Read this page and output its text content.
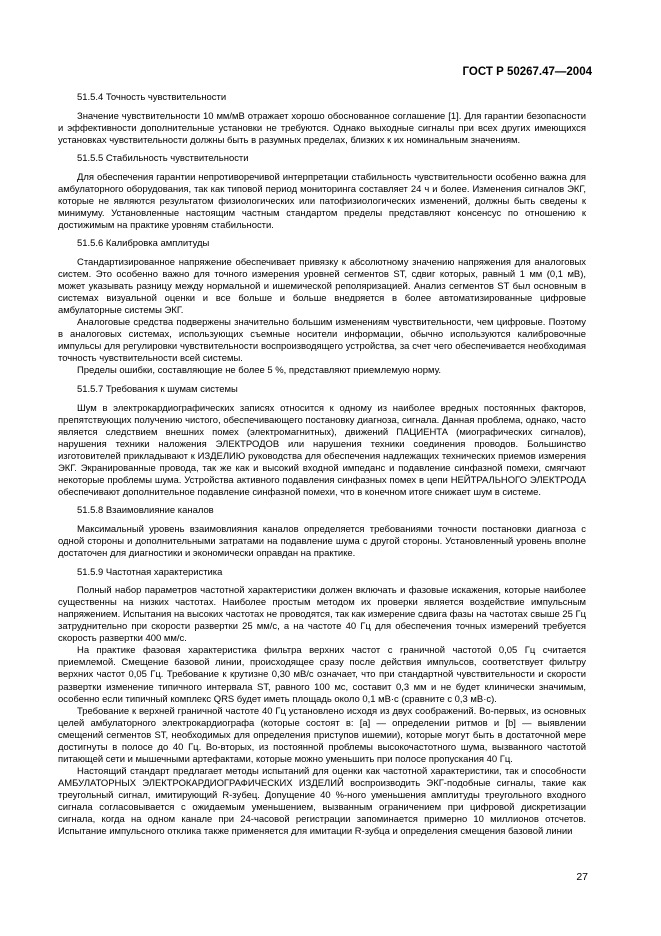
ГОСТ Р 50267.47—2004
51.5.4 Точность чувствительности

Значение чувствительности 10 мм/мВ отражает хорошо обоснованное соглашение [1]. Для гарантии безопасности и эффективности дополнительные установки не требуются. Однако выходные сигналы при всех других имеющихся установках чувствительности должны быть в разумных пределах, близких к их номинальным значениям.

51.5.5 Стабильность чувствительности

Для обеспечения гарантии непротиворечивой интерпретации стабильность чувствительности особенно важна для амбулаторного оборудования, так как типовой период мониторинга составляет 24 ч и более. Изменения сигналов ЭКГ, которые не являются результатом физиологических или патофизиологических изменений, должны быть сведены к минимуму. Установленные настоящим частным стандартом пределы представляют консенсус по отношению к достижимым на практике уровням стабильности.

51.5.6 Калибровка амплитуды

Стандартизированное напряжение обеспечивает привязку к абсолютному значению напряжения для аналоговых систем. Это особенно важно для точного измерения уровней сегментов ST, сдвиг которых, равный 1 мм (0,1 мВ), может указывать разницу между нормальной и ишемической реполяризацией. Анализ сегментов ST был основным в системах визуальной оценки и все больше и больше внедряется в более автоматизированные цифровые амбулаторные системы ЭКГ.

Аналоговые средства подвержены значительно большим изменениям чувствительности, чем цифровые. Поэтому в аналоговых системах, использующих съемные носители информации, обычно используются калибровочные импульсы для регулировки чувствительности воспроизводящего устройства, за счет чего обеспечивается необходимая точность чувствительности всей системы.

Пределы ошибки, составляющие не более 5 %, представляют приемлемую норму.

51.5.7 Требования к шумам системы

Шум в электрокардиографических записях относится к одному из наиболее вредных постоянных факторов, препятствующих получению чистого, обеспечивающего постановку диагноза, сигнала. Данная проблема, однако, часто является следствием внешних помех (электромагнитных), движений ПАЦИЕНТА (миографических сигналов), нарушения техники наложения ЭЛЕКТРОДОВ или нарушения техники соединения проводов. Большинство изготовителей прикладывают к ИЗДЕЛИЮ руководства для обеспечения надлежащих технических приемов измерения ЭКГ. Экранированные провода, так же как и высокий входной импеданс и подавление синфазной помехи, смягчают некоторые проблемы шума. Устройства активного подавления синфазных помех в цепи НЕЙТРАЛЬНОГО ЭЛЕКТРОДА обеспечивают дополнительное подавление синфазной помехи, что в конечном итоге снижает шум в системе.

51.5.8 Взаимовлияние каналов

Максимальный уровень взаимовлияния каналов определяется требованиями точности постановки диагноза с одной стороны и дополнительными затратами на подавление шума с другой стороны. Установленный уровень вполне достаточен для диагностики и экономически оправдан на практике.

51.5.9 Частотная характеристика

Полный набор параметров частотной характеристики должен включать и фазовые искажения, которые наиболее существенны на низких частотах. Наиболее простым методом их проверки является воздействие импульсным напряжением. Испытания на высоких частотах не проводятся, так как измерение сдвига фазы на частотах свыше 25 Гц затруднительно при скорости развертки 25 мм/с, а на частоте 40 Гц для обеспечения точных измерений требуется скорость развертки 400 мм/с.

На практике фазовая характеристика фильтра верхних частот с граничной частотой 0,05 Гц считается приемлемой. Смещение базовой линии, происходящее сразу после действия импульсов, соответствует фильтру верхних частот 0,05 Гц. Требование к крутизне 0,30 мВ/с означает, что при стандартной чувствительности и скорости развертки изменение типичного интервала ST, равного 100 мс, составит 0,3 мм и не будет клинически значимым, особенно если типичный комплекс QRS будет иметь площадь около 0,1 мВ·с (сравните с 0,3 мВ·с).

Требование к верхней граничной частоте 40 Гц установлено исходя из двух соображений. Во-первых, из основных целей амбулаторного электрокардиографа (которые состоят в: [a] — определении ритмов и [b] — выявлении смещений сегментов ST, необходимых для определения приступов ишемии), которые могут быть в достаточной мере достигнуты в полосе до 40 Гц. Во-вторых, из постоянной проблемы высокочастотного шума, вызванного частотой питающей сети и мышечными артефактами, которые можно уменьшить при полосе пропускания 40 Гц.

Настоящий стандарт предлагает методы испытаний для оценки как частотной характеристики, так и способности АМБУЛАТОРНЫХ ЭЛЕКТРОКАРДИОГРАФИЧЕСКИХ ИЗДЕЛИЙ воспроизводить ЭКГ-подобные сигналы, такие как треугольный сигнал, имитирующий R-зубец. Допущение 40 %-ного уменьшения амплитуды треугольного входного сигнала согласовывается с ожидаемым уменьшением, вызванным ограничением при цифровой дискретизации сигнала, когда на одном канале при 24-часовой регистрации запоминается примерно 10 миллионов отсчетов. Испытание импульсного отклика также применяется для имитации R-зубца и определения смещения базовой линии

27
